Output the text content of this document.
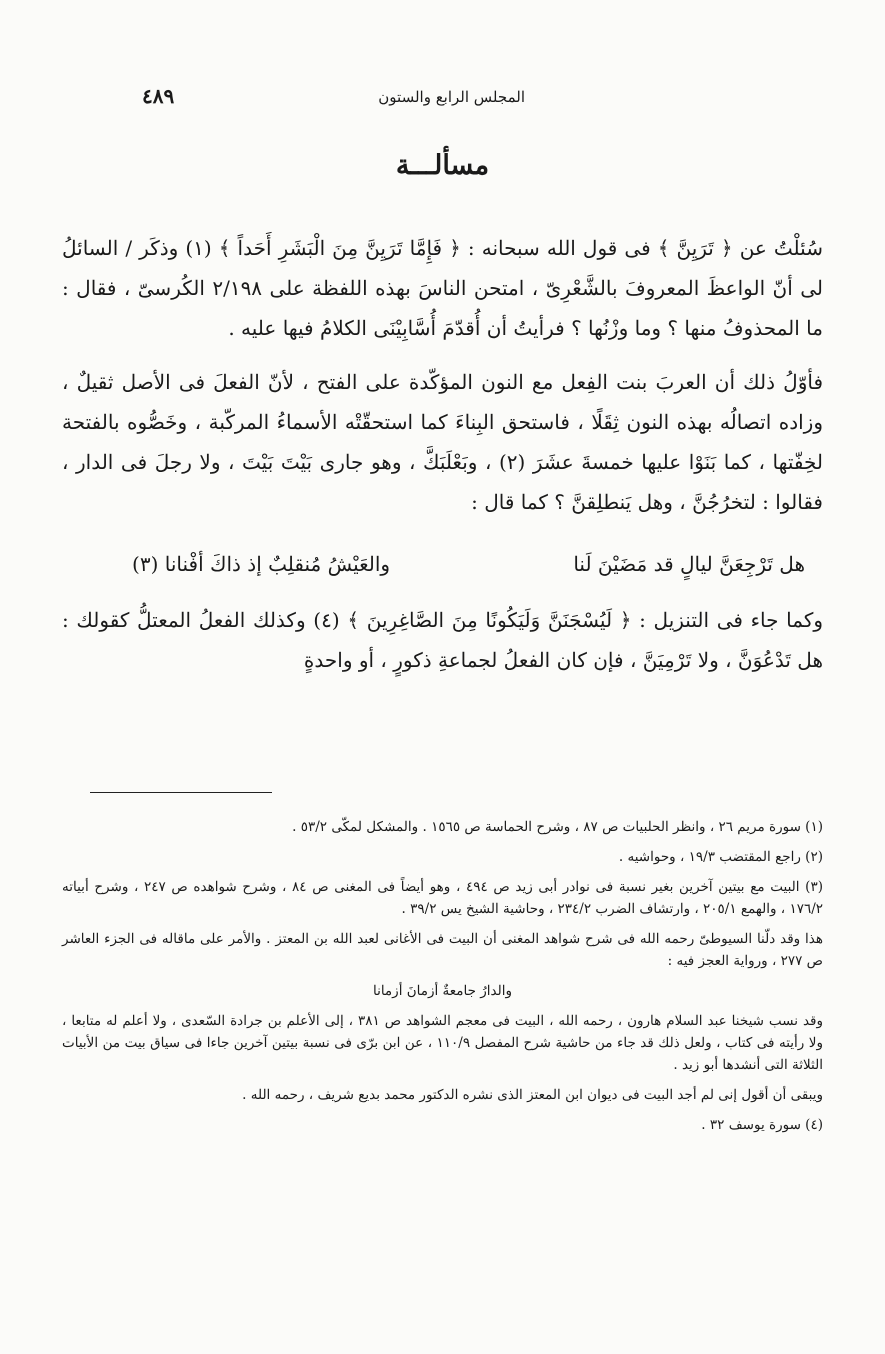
المجلس الرابع والستون
٤٨٩
مسألـــة

سُئلْتُ عن ﴿ تَرَيِنَّ ﴾ فى قول الله سبحانه : ﴿ فَإِمَّا تَرَيِنَّ مِنَ الْبَشَرِ أَحَداً ﴾ (١) وذكَر / السائلُ لى أنّ الواعظَ المعروفَ بالشَّعْرِىّ ، امتحن الناسَ بهذه اللفظة على ٢/١٩٨ الكُرسىّ ، فقال : ما المحذوفُ منها ؟ وما وزْنُها ؟ فرأيتُ أن أُقدّمَ أُسَّابِيْنَى الكلامُ فيها عليه .

فأوّلُ ذلك أن العربَ بنت الفِعل مع النون المؤكّدة على الفتح ، لأنّ الفعلَ فى الأصل ثقيلٌ ، وزاده اتصالُه بهذه النون ثِقَلًا ، فاستحق البِناءَ كما استحقّتْه الأسماءُ المركّبة ، وخَصُّوه بالفتحة لخِفّتها ، كما بَنَوْا عليها خمسةَ عشَرَ (٢) ، وبَعْلَبَكَّ ، وهو جارى بَيْتَ بَيْتَ ، ولا رجلَ فى الدار ، فقالوا : لتخرُجُنَّ ، وهل يَنطلِقنَّ ؟ كما قال :

هل تَرْجِعَنَّ ليالٍ قد مَضَيْنَ لَنا
والعَيْشُ مُنقلِبٌ إذ ذاكَ أفْنانا (٣)

وكما جاء فى التنزيل : ﴿ لَيُسْجَنَنَّ وَلَيَكُونًا مِنَ الصَّاغِرِينَ ﴾ (٤) وكذلك الفعلُ المعتلُّ كقولك : هل تَدْعُوَنَّ ، ولا تَرْمِيَنَّ ، فإن كان الفعلُ لجماعةِ ذكورٍ ، أو واحدةٍ

(١) سورة مريم ٢٦ ، وانظر الحلبيات ص ٨٧ ، وشرح الحماسة ص ١٥٦٥ . والمشكل لمكّى ٥٣/٢ .

(٢) راجع المقتضب ١٩/٣ ، وحواشيه .

(٣) البيت مع بيتين آخرين بغير نسبة فى نوادر أبى زيد ص ٤٩٤ ، وهو أيضاً فى المغنى ص ٨٤ ، وشرح شواهده ص ٢٤٧ ، وشرح أبياته ١٧٦/٢ ، والهمع ٢٠٥/١ ، وارتشاف الضرب ٢٣٤/٢ ، وحاشية الشيخ يس ٣٩/٢ .

هذا وقد دلّنا السيوطىّ رحمه الله فى شرح شواهد المغنى أن البيت فى الأغانى لعبد الله بن المعتز . والأمر على ماقاله فى الجزء العاشر ص ٢٧٧ ، ورواية العجز فيه :

والدارُ جامعةٌ أزمانَ أزمانا

وقد نسب شيخنا عبد السلام هارون ، رحمه الله ، البيت فى معجم الشواهد ص ٣٨١ ، إلى الأعلم بن جرادة السّعدى ، ولا أعلم له متابعا ، ولا رأيته فى كتاب ، ولعل ذلك قد جاء من حاشية شرح المفصل ١١٠/٩ ، عن ابن برّى فى نسبة بيتين آخرين جاءا فى سياق بيت من الأبيات الثلاثة التى أنشدها أبو زيد .

ويبقى أن أقول إنى لم أجد البيت فى ديوان ابن المعتز الذى نشره الدكتور محمد بديع شريف ، رحمه الله .

(٤) سورة يوسف ٣٢ .
